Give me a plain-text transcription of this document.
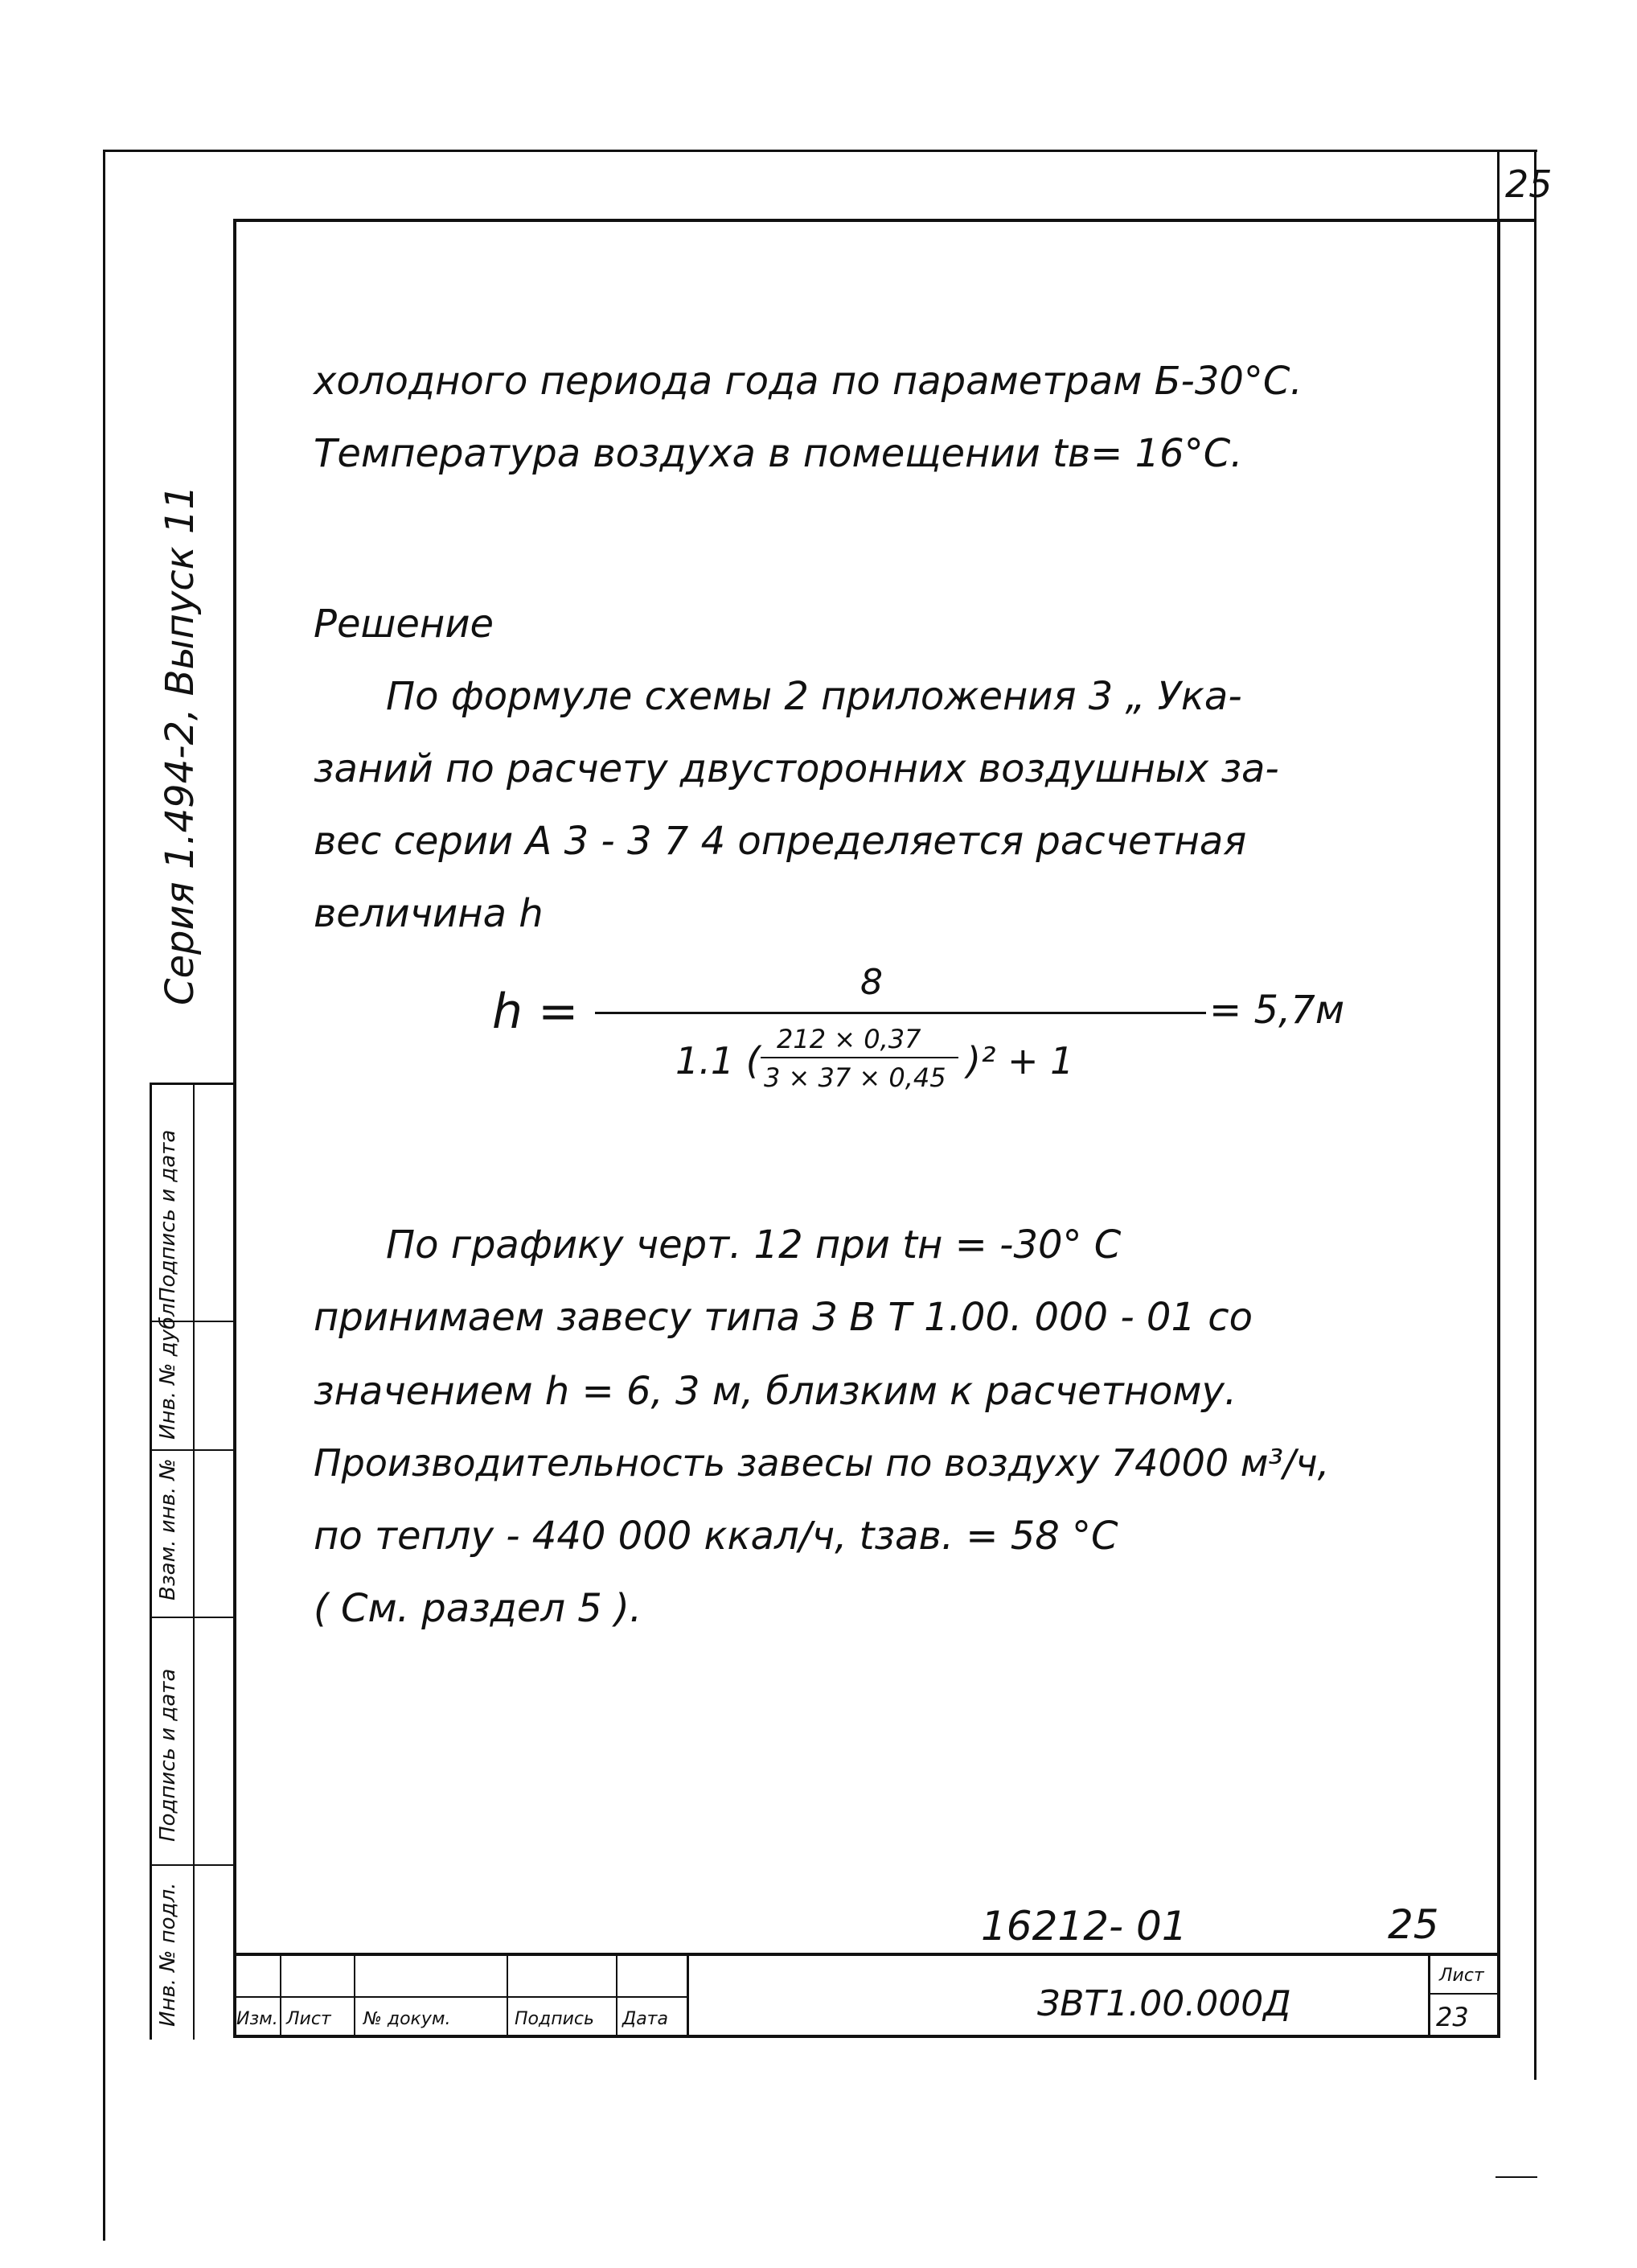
25
Серия 1.494-2, Выпуск 11
Подпись и дата
Инв. № дубл.
Взам. инв. №
Подпись и дата
Инв. № подл.
холодного периода года по параметрам Б-30°С.
Температура воздуха в помещении tв= 16°С.
Решение
По формуле схемы 2 приложения 3 „ Ука-
заний по расчету двусторонних воздушных за-
вес серии А 3 - 3 7 4 определяется расчетная
величина h
h =
8
1.1 ( 212 × 0,37
3 × 37 × 0,45 )² + 1
= 5,7м
По графику черт. 12 при tн = -30° С
принимаем завесу типа З В Т 1.00. 000 - 01 со
значением h = 6, 3 м, близким к расчетному.
Производительность завесы по воздуху 74000 м³/ч,
по теплу - 440 000 ккал/ч, tзав. = 58 °С
( См. раздел 5 ).
16212- 01	25
ЗВТ1.00.000Д
Лист
23
Изм. Лист № докум.	Подпись Дата
